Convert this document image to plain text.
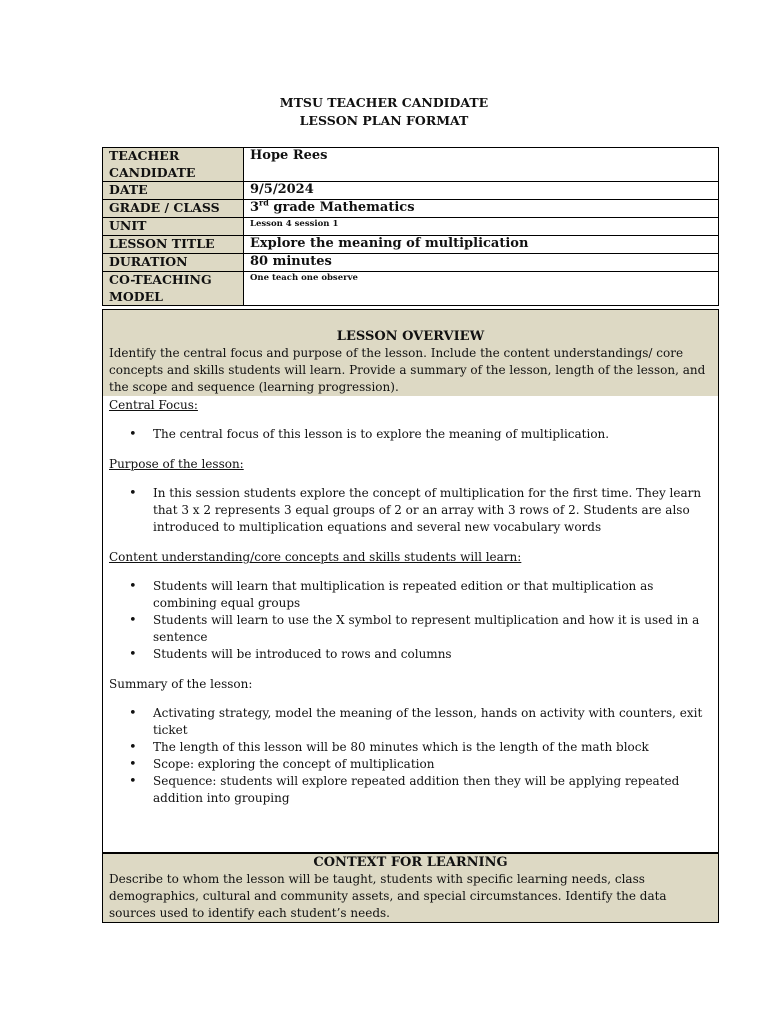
MTSU TEACHER CANDIDATE
LESSON PLAN FORMAT
TEACHER CANDIDATE	Hope Rees
DATE	9/5/2024
GRADE / CLASS	3rd grade Mathematics
UNIT	Lesson 4 session 1
LESSON TITLE	Explore the meaning of multiplication
DURATION	80 minutes
CO-TEACHING MODEL	One teach one observe
LESSON OVERVIEW
Identify the central focus and purpose of the lesson. Include the content understandings/ core concepts and skills students will learn. Provide a summary of the lesson, length of the lesson, and the scope and sequence (learning progression).
Central Focus:
• The central focus of this lesson is to explore the meaning of multiplication.
Purpose of the lesson:
• In this session students explore the concept of multiplication for the first time. They learn that 3 x 2 represents 3 equal groups of 2 or an array with 3 rows of 2. Students are also introduced to multiplication equations and several new vocabulary words
Content understanding/core concepts and skills students will learn:
• Students will learn that multiplication is repeated edition or that multiplication as combining equal groups
• Students will learn to use the X symbol to represent multiplication and how it is used in a sentence
• Students will be introduced to rows and columns
Summary of the lesson:
• Activating strategy, model the meaning of the lesson, hands on activity with counters, exit ticket
• The length of this lesson will be 80 minutes which is the length of the math block
• Scope: exploring the concept of multiplication
• Sequence: students will explore repeated addition then they will be applying repeated addition into grouping
CONTEXT FOR LEARNING
Describe to whom the lesson will be taught, students with specific learning needs, class demographics, cultural and community assets, and special circumstances. Identify the data sources used to identify each student’s needs.
